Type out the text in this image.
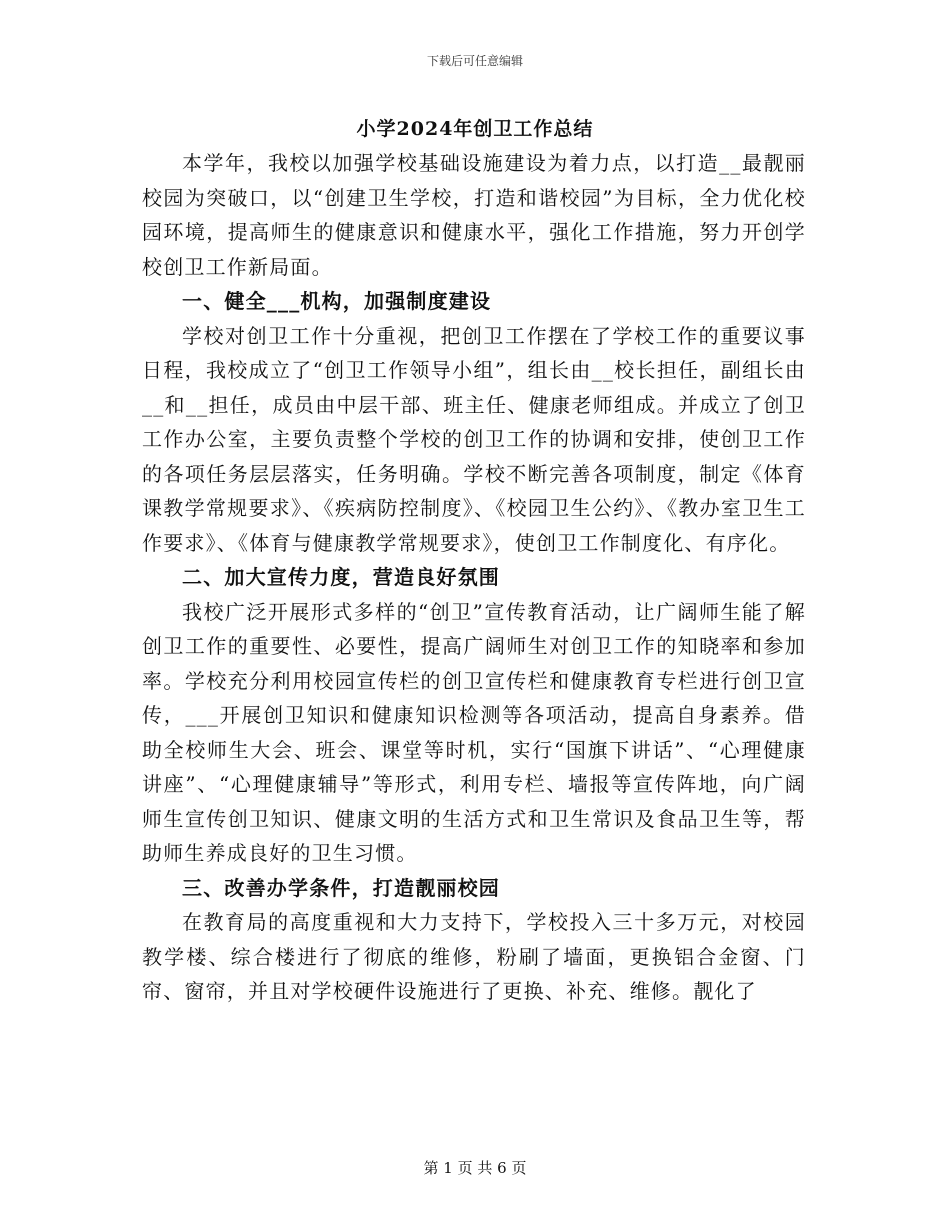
下载后可任意编辑
小学2024年创卫工作总结

本学年，我校以加强学校基础设施建设为着力点，以打造__最靓丽校园为突破口，以“创建卫生学校，打造和谐校园”为目标，全力优化校园环境，提高师生的健康意识和健康水平，强化工作措施，努力开创学校创卫工作新局面。

一、健全___机构，加强制度建设

学校对创卫工作十分重视，把创卫工作摆在了学校工作的重要议事日程，我校成立了“创卫工作领导小组”，组长由__校长担任，副组长由__和__担任，成员由中层干部、班主任、健康老师组成。并成立了创卫工作办公室，主要负责整个学校的创卫工作的协调和安排，使创卫工作的各项任务层层落实，任务明确。学校不断完善各项制度，制定《体育课教学常规要求》、《疾病防控制度》、《校园卫生公约》、《教办室卫生工作要求》、《体育与健康教学常规要求》，使创卫工作制度化、有序化。

二、加大宣传力度，营造良好氛围

我校广泛开展形式多样的“创卫”宣传教育活动，让广阔师生能了解创卫工作的重要性、必要性，提高广阔师生对创卫工作的知晓率和参加率。学校充分利用校园宣传栏的创卫宣传栏和健康教育专栏进行创卫宣传，___开展创卫知识和健康知识检测等各项活动，提高自身素养。借助全校师生大会、班会、课堂等时机，实行“国旗下讲话”、“心理健康讲座”、“心理健康辅导”等形式，利用专栏、墙报等宣传阵地，向广阔师生宣传创卫知识、健康文明的生活方式和卫生常识及食品卫生等，帮助师生养成良好的卫生习惯。

三、改善办学条件，打造靓丽校园

在教育局的高度重视和大力支持下，学校投入三十多万元，对校园教学楼、综合楼进行了彻底的维修，粉刷了墙面，更换铝合金窗、门帘、窗帘，并且对学校硬件设施进行了更换、补充、维修。靓化了

第 1 页 共 6 页
